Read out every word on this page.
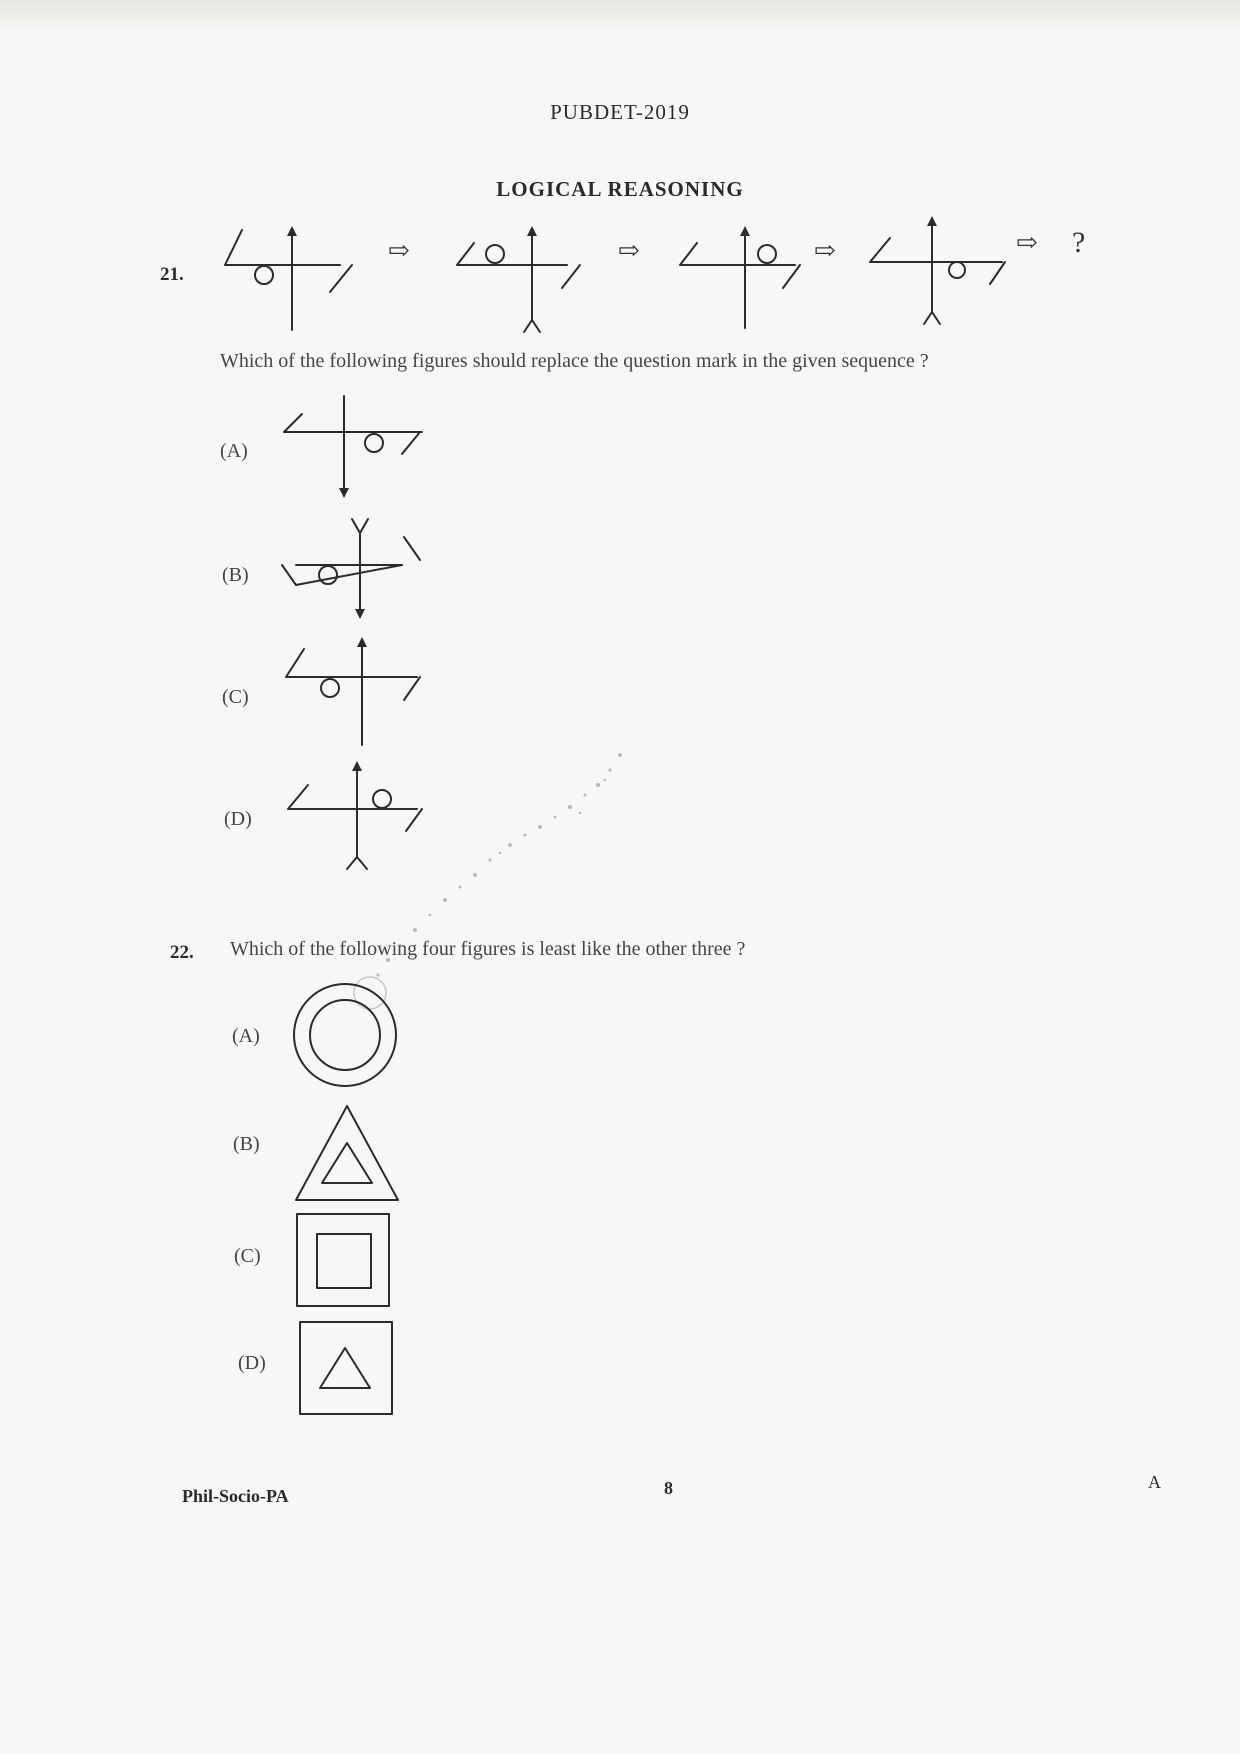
PUBDET-2019
LOGICAL REASONING
21.
⇨	⇨	⇨	⇨ ?
Which of the following figures should replace the question mark in the given sequence ?
(A)
(B)
(C)
(D)
22. Which of the following four figures is least like the other three ?
(A)
(B)
(C)
(D)
Phil-Socio-PA	8	A
